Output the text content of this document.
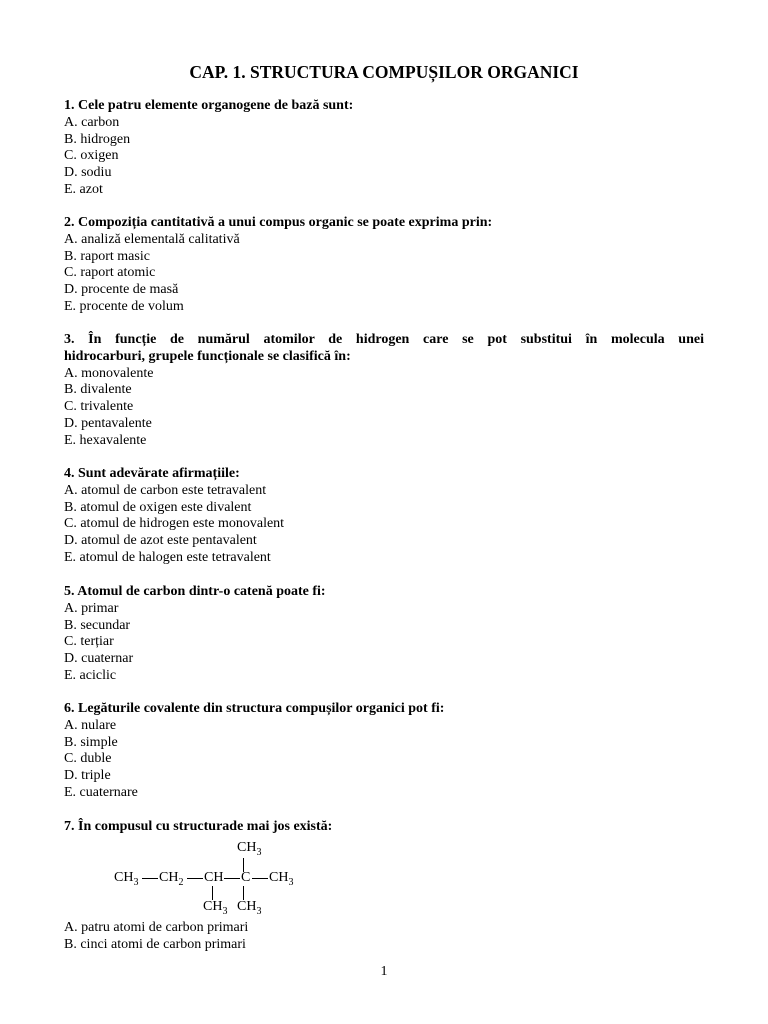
CAP. 1. STRUCTURA COMPUȘILOR ORGANICI
1. Cele patru elemente organogene de bază sunt:
A. carbon
B. hidrogen
C. oxigen
D. sodiu
E. azot
2. Compoziția cantitativă a unui compus organic se poate exprima prin:
A. analiză elementală calitativă
B. raport masic
C. raport atomic
D. procente de masă
E. procente de volum
3. În funcție de numărul atomilor de hidrogen care se pot substitui în molecula unei
hidrocarburi, grupele funcționale se clasifică în:
A. monovalente
B. divalente
C. trivalente
D. pentavalente
E. hexavalente
4. Sunt adevărate afirmațiile:
A. atomul de carbon este tetravalent
B. atomul de oxigen este divalent
C. atomul de hidrogen este monovalent
D. atomul de azot este pentavalent
E. atomul de halogen este tetravalent
5. Atomul de carbon dintr-o catenă poate fi:
A. primar
B. secundar
C. terțiar
D. cuaternar
E. aciclic
6. Legăturile covalente din structura compușilor organici pot fi:
A. nulare
B. simple
C. duble
D. triple
E. cuaternare
7. În compusul cu structurade mai jos există:
$CH_3$
$CH_3$ $CH_2$ CH C $CH_3$
$CH_3$ $CH_3$
A. patru atomi de carbon primari
B. cinci atomi de carbon primari
1
